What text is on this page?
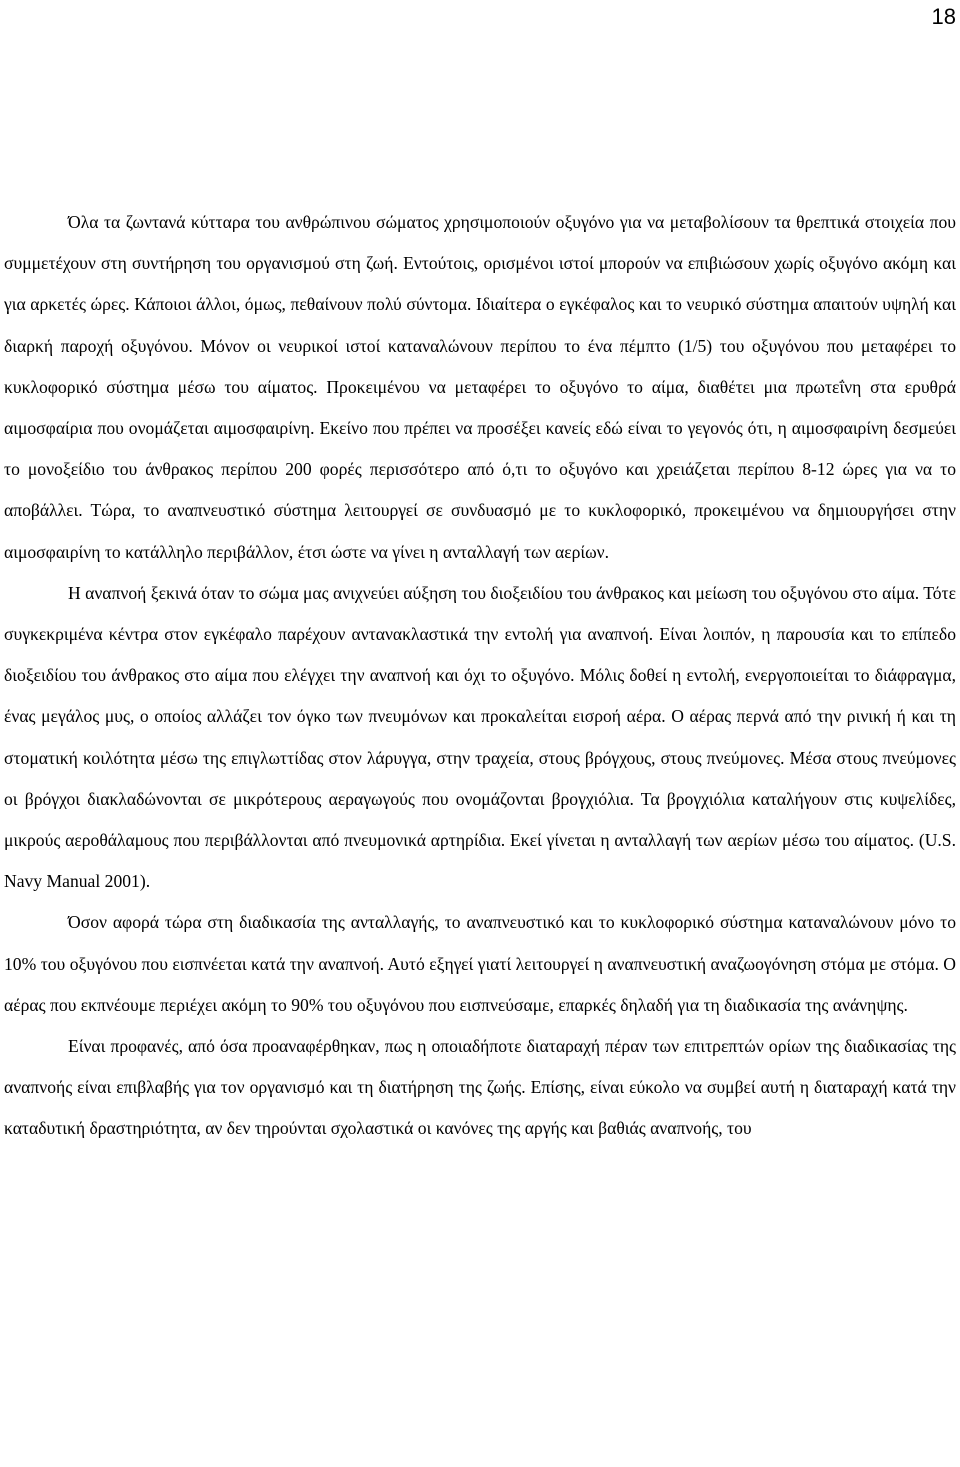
18

Όλα τα ζωντανά κύτταρα του ανθρώπινου σώματος χρησιμοποιούν οξυγόνο για να μεταβολίσουν τα θρεπτικά στοιχεία που συμμετέχουν στη συντήρηση του οργανισμού στη ζωή. Εντούτοις, ορισμένοι ιστοί μπορούν να επιβιώσουν χωρίς οξυγόνο ακόμη και για αρκετές ώρες. Κάποιοι άλλοι, όμως, πεθαίνουν πολύ σύντομα. Ιδιαίτερα ο εγκέφαλος και το νευρικό σύστημα απαιτούν υψηλή και διαρκή παροχή οξυγόνου. Μόνον οι νευρικοί ιστοί καταναλώνουν περίπου το ένα πέμπτο (1/5) του οξυγόνου που μεταφέρει το κυκλοφορικό σύστημα μέσω του αίματος. Προκειμένου να μεταφέρει το οξυγόνο το αίμα, διαθέτει μια πρωτεΐνη στα ερυθρά αιμοσφαίρια που ονομάζεται αιμοσφαιρίνη. Εκείνο που πρέπει να προσέξει κανείς εδώ είναι το γεγονός ότι, η αιμοσφαιρίνη δεσμεύει το μονοξείδιο του άνθρακος περίπου 200 φορές περισσότερο από ό,τι το οξυγόνο και χρειάζεται περίπου 8-12 ώρες για να το αποβάλλει. Τώρα, το αναπνευστικό σύστημα λειτουργεί σε συνδυασμό με το κυκλοφορικό, προκειμένου να δημιουργήσει στην αιμοσφαιρίνη το κατάλληλο περιβάλλον, έτσι ώστε να γίνει η ανταλλαγή των αερίων.

Η αναπνοή ξεκινά όταν το σώμα μας ανιχνεύει αύξηση του διοξειδίου του άνθρακος και μείωση του οξυγόνου στο αίμα. Τότε συγκεκριμένα κέντρα στον εγκέφαλο παρέχουν αντανακλαστικά την εντολή για αναπνοή. Είναι λοιπόν, η παρουσία και το επίπεδο διοξειδίου του άνθρακος στο αίμα που ελέγχει την αναπνοή και όχι το οξυγόνο. Μόλις δοθεί η εντολή, ενεργοποιείται το διάφραγμα, ένας μεγάλος μυς, ο οποίος αλλάζει τον όγκο των πνευμόνων και προκαλείται εισροή αέρα. Ο αέρας περνά από την ρινική ή και τη στοματική κοιλότητα μέσω της επιγλωττίδας στον λάρυγγα, στην τραχεία, στους βρόγχους, στους πνεύμονες. Μέσα στους πνεύμονες οι βρόγχοι διακλαδώνονται σε μικρότερους αεραγωγούς που ονομάζονται βρογχιόλια. Τα βρογχιόλια καταλήγουν στις κυψελίδες, μικρούς αεροθάλαμους που περιβάλλονται από πνευμονικά αρτηρίδια. Εκεί γίνεται η ανταλλαγή των αερίων μέσω του αίματος. (U.S. Navy Manual 2001).

Όσον αφορά τώρα στη διαδικασία της ανταλλαγής, το αναπνευστικό και το κυκλοφορικό σύστημα καταναλώνουν μόνο το 10% του οξυγόνου που εισπνέεται κατά την αναπνοή. Αυτό εξηγεί γιατί λειτουργεί η αναπνευστική αναζωογόνηση στόμα με στόμα. Ο αέρας που εκπνέουμε περιέχει ακόμη το 90% του οξυγόνου που εισπνεύσαμε, επαρκές δηλαδή για τη διαδικασία της ανάνηψης.

Είναι προφανές, από όσα προαναφέρθηκαν, πως η οποιαδήποτε διαταραχή πέραν των επιτρεπτών ορίων της διαδικασίας της αναπνοής είναι επιβλαβής για τον οργανισμό και τη διατήρηση της ζωής. Επίσης, είναι εύκολο να συμβεί αυτή η διαταραχή κατά την καταδυτική δραστηριότητα, αν δεν τηρούνται σχολαστικά οι κανόνες της αργής και βαθιάς αναπνοής, του
